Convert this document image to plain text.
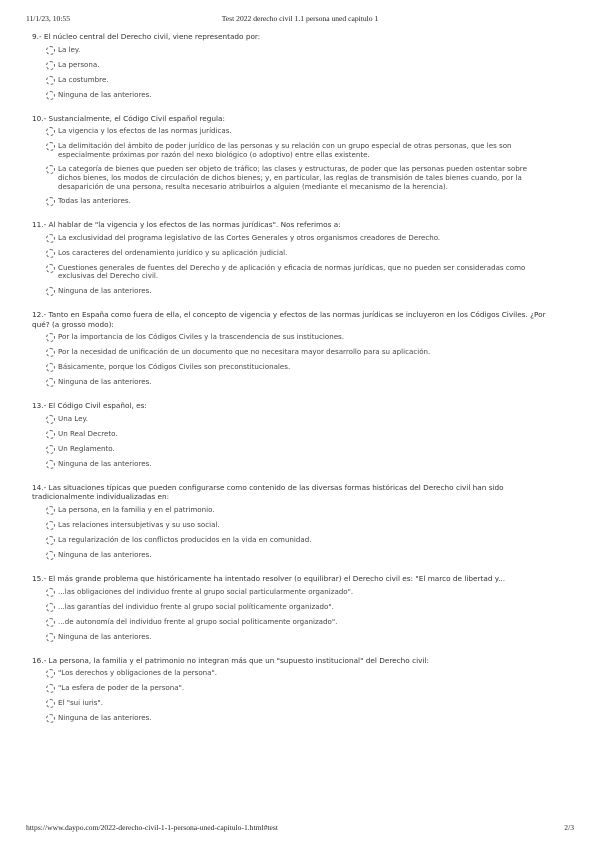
11/1/23, 10:55	Test 2022 derecho civil 1.1 persona uned capitulo 1
9.- El núcleo central del Derecho civil, viene representado por:
La ley.
La persona.
La costumbre.
Ninguna de las anteriores.
10.- Sustancialmente, el Código Civil español regula:
La vigencia y los efectos de las normas jurídicas.
La delimitación del ámbito de poder jurídico de las personas y su relación con un grupo especial de otras personas, que les son especialmente próximas por razón del nexo biológico (o adoptivo) entre ellas existente.
La categoría de bienes que pueden ser objeto de tráfico; las clases y estructuras, de poder que las personas pueden ostentar sobre dichos bienes, los modos de circulación de dichos bienes; y, en particular, las reglas de transmisión de tales bienes cuando, por la desaparición de una persona, resulta necesario atribuirlos a alguien (mediante el mecanismo de la herencia).
Todas las anteriores.
11.- Al hablar de "la vigencia y los efectos de las normas jurídicas". Nos referimos a:
La exclusividad del programa legislativo de las Cortes Generales y otros organismos creadores de Derecho.
Los caracteres del ordenamiento jurídico y su aplicación judicial.
Cuestiones generales de fuentes del Derecho y de aplicación y eficacia de normas jurídicas, que no pueden ser consideradas como exclusivas del Derecho civil.
Ninguna de las anteriores.
12.- Tanto en España como fuera de ella, el concepto de vigencia y efectos de las normas jurídicas se incluyeron en los Códigos Civiles. ¿Por qué? (a grosso modo):
Por la importancia de los Códigos Civiles y la trascendencia de sus instituciones.
Por la necesidad de unificación de un documento que no necesitara mayor desarrollo para su aplicación.
Básicamente, porque los Códigos Civiles son preconstitucionales.
Ninguna de las anteriores.
13.- El Código Civil español, es:
Una Ley.
Un Real Decreto.
Un Reglamento.
Ninguna de las anteriores.
14.- Las situaciones típicas que pueden configurarse como contenido de las diversas formas históricas del Derecho civil han sido tradicionalmente individualizadas en:
La persona, en la familia y en el patrimonio.
Las relaciones intersubjetivas y su uso social.
La regularización de los conflictos producidos en la vida en comunidad.
Ninguna de las anteriores.
15.- El más grande problema que históricamente ha intentado resolver (o equilibrar) el Derecho civil es: "El marco de libertad y...
...las obligaciones del individuo frente al grupo social particularmente organizado".
...las garantías del individuo frente al grupo social políticamente organizado".
...de autonomía del individuo frente al grupo social políticamente organizado".
Ninguna de las anteriores.
16.- La persona, la familia y el patrimonio no integran más que un "supuesto institucional" del Derecho civil:
"Los derechos y obligaciones de la persona".
"La esfera de poder de la persona".
El "sui iuris".
Ninguna de las anteriores.
https://www.daypo.com/2022-derecho-civil-1-1-persona-uned-capitulo-1.html#test	2/3
